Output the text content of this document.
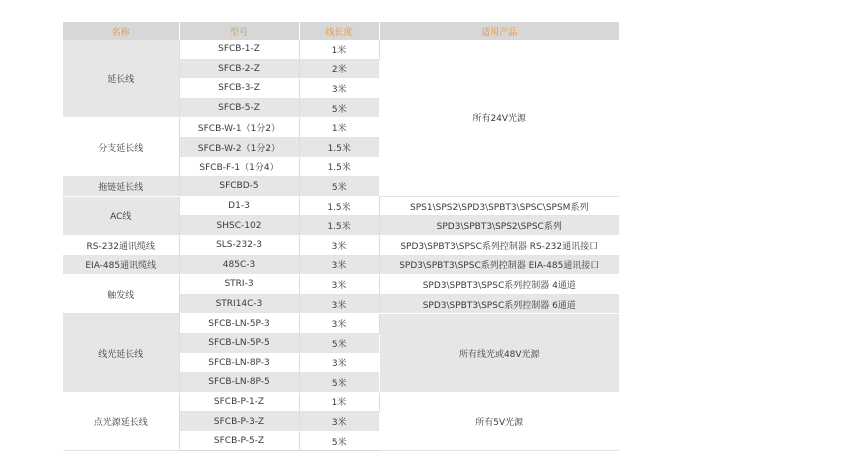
名称	型号	线长度	适用产品
延长线	SFCB-1-Z	1米	所有24V光源
	SFCB-2-Z	2米	
	SFCB-3-Z	3米	
	SFCB-5-Z	5米	
分支延长线	SFCB-W-1（1分2）	1米	
	SFCB-W-2（1分2）	1.5米	
	SFCB-F-1（1分4）	1.5米	
拖链延长线	SFCBD-5	5米	
AC线	D1-3	1.5米	SPS1\SPS2\SPD3\SPBT3\SPSC\SPSM系列
	SHSC-102	1.5米	SPD3\SPBT3\SPS2\SPSC系列
RS-232通讯缆线	SLS-232-3	3米	SPD3\SPBT3\SPSC系列控制器 RS-232通讯接口
EIA-485通讯缆线	485C-3	3米	SPD3\SPBT3\SPSC系列控制器 EIA-485通讯接口
触发线	STRI-3	3米	SPD3\SPBT3\SPSC系列控制器 4通道
	STRI14C-3	3米	SPD3\SPBT3\SPSC系列控制器 6通道
线光延长线	SFCB-LN-5P-3	3米	所有线光或48V光源
	SFCB-LN-5P-5	5米	
	SFCB-LN-8P-3	3米	
	SFCB-LN-8P-5	5米	
点光源延长线	SFCB-P-1-Z	1米	所有5V光源
	SFCB-P-3-Z	3米	
	SFCB-P-5-Z	5米	
